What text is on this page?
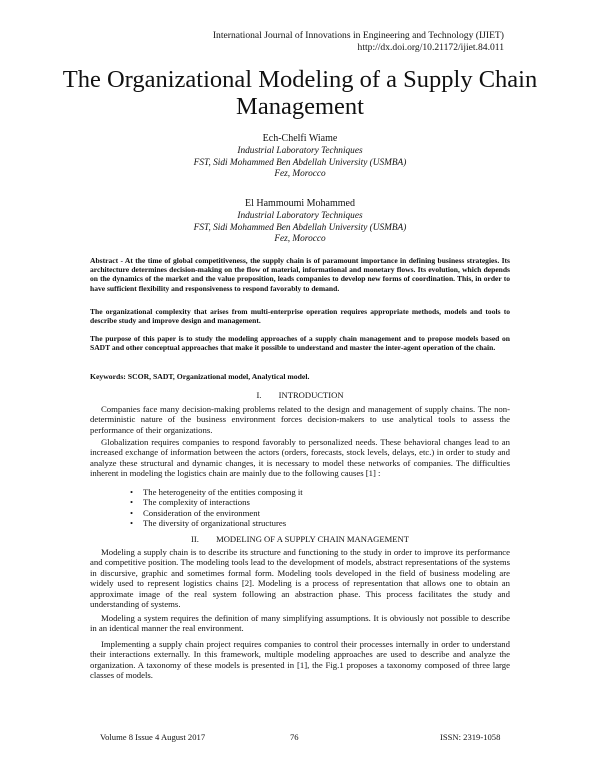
International Journal of Innovations in Engineering and Technology (IJIET)
http://dx.doi.org/10.21172/ijiet.84.011
The Organizational Modeling of a Supply Chain Management
Ech-Chelfi Wiame
Industrial Laboratory Techniques
FST, Sidi Mohammed Ben Abdellah University (USMBA)
Fez, Morocco
El Hammoumi Mohammed
Industrial Laboratory Techniques
FST, Sidi Mohammed Ben Abdellah University (USMBA)
Fez, Morocco
Abstract - At the time of global competitiveness, the supply chain is of paramount importance in defining business strategies. Its architecture determines decision-making on the flow of material, informational and monetary flows. Its evolution, which depends on the dynamics of the market and the value proposition, leads companies to develop new forms of coordination. This, in order to have sufficient flexibility and responsiveness to respond favorably to demand.
The organizational complexity that arises from multi-enterprise operation requires appropriate methods, models and tools to describe study and improve design and management.
The purpose of this paper is to study the modeling approaches of a supply chain management and to propose models based on SADT and other conceptual approaches that make it possible to understand and master the inter-agent operation of the chain.
Keywords: SCOR, SADT, Organizational model, Analytical model.
I.        INTRODUCTION
Companies face many decision-making problems related to the design and management of supply chains. The non-deterministic nature of the business environment forces decision-makers to use analytical tools to assess the performance of their organizations.
Globalization requires companies to respond favorably to personalized needs. These behavioral changes lead to an increased exchange of information between the actors (orders, forecasts, stock levels, delays, etc.) in order to study and analyze these structural and dynamic changes, it is necessary to model these networks of companies. The difficulties inherent in modeling the logistics chain are mainly due to the following causes [1] :
• The heterogeneity of the entities composing it
• The complexity of interactions
• Consideration of the environment
• The diversity of organizational structures
II.        MODELING OF A SUPPLY CHAIN MANAGEMENT
Modeling a supply chain is to describe its structure and functioning to the study in order to improve its performance and competitive position. The modeling tools lead to the development of models, abstract representations of the systems in discursive, graphic and sometimes formal form. Modeling tools developed in the field of business modeling are widely used to represent logistics chains [2]. Modeling is a process of representation that allows one to obtain an approximate image of the real system following an abstraction phase. This process facilitates the study and understanding of systems.
Modeling a system requires the definition of many simplifying assumptions. It is obviously not possible to describe in an identical manner the real environment.
Implementing a supply chain project requires companies to control their processes internally in order to understand their interactions externally. In this framework, multiple modeling approaches are used to describe and analyze the organization. A taxonomy of these models is presented in [1], the Fig.1 proposes a taxonomy composed of three large classes of models.
Volume 8 Issue 4 August 2017	76	ISSN: 2319-1058
